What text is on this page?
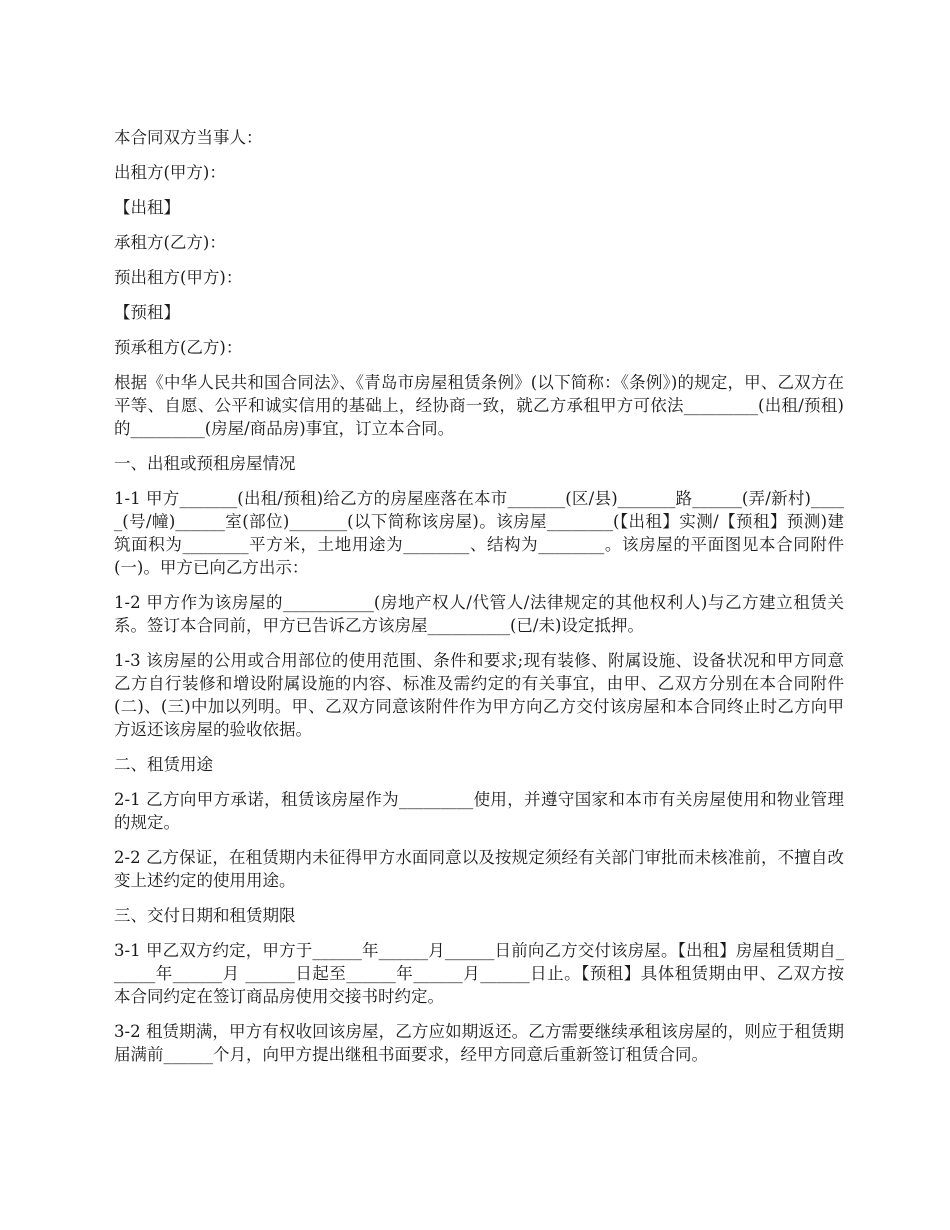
本合同双方当事人：

出租方(甲方)：

【出租】

承租方(乙方)：

预出租方(甲方)：

【预租】

预承租方(乙方)：

根据《中华人民共和国合同法》、《青岛市房屋租赁条例》(以下简称：《条例》)的规定，甲、乙双方在平等、自愿、公平和诚实信用的基础上，经协商一致，就乙方承租甲方可依法_________(出租/预租)的_________(房屋/商品房)事宜，订立本合同。

一、出租或预租房屋情况

1-1 甲方_______(出租/预租)给乙方的房屋座落在本市_______(区/县)_______路______(弄/新村)_____(号/幢)______室(部位)_______(以下简称该房屋)。该房屋________(【出租】实测/【预租】预测)建筑面积为________平方米，土地用途为________、结构为________。该房屋的平面图见本合同附件(一)。甲方已向乙方出示：

1-2 甲方作为该房屋的___________(房地产权人/代管人/法律规定的其他权利人)与乙方建立租赁关系。签订本合同前，甲方已告诉乙方该房屋__________(已/未)设定抵押。

1-3 该房屋的公用或合用部位的使用范围、条件和要求;现有装修、附属设施、设备状况和甲方同意乙方自行装修和增设附属设施的内容、标准及需约定的有关事宜，由甲、乙双方分别在本合同附件(二)、(三)中加以列明。甲、乙双方同意该附件作为甲方向乙方交付该房屋和本合同终止时乙方向甲方返还该房屋的验收依据。

二、租赁用途

2-1 乙方向甲方承诺，租赁该房屋作为_________使用，并遵守国家和本市有关房屋使用和物业管理的规定。

2-2 乙方保证，在租赁期内未征得甲方水面同意以及按规定须经有关部门审批而未核准前，不擅自改变上述约定的使用用途。

三、交付日期和租赁期限

3-1 甲乙双方约定，甲方于______年______月______日前向乙方交付该房屋。【出租】房屋租赁期自______年______月 ______日起至______年______月______日止。【预租】具体租赁期由甲、乙双方按本合同约定在签订商品房使用交接书时约定。

3-2 租赁期满，甲方有权收回该房屋，乙方应如期返还。乙方需要继续承租该房屋的，则应于租赁期届满前______个月，向甲方提出继租书面要求，经甲方同意后重新签订租赁合同。
